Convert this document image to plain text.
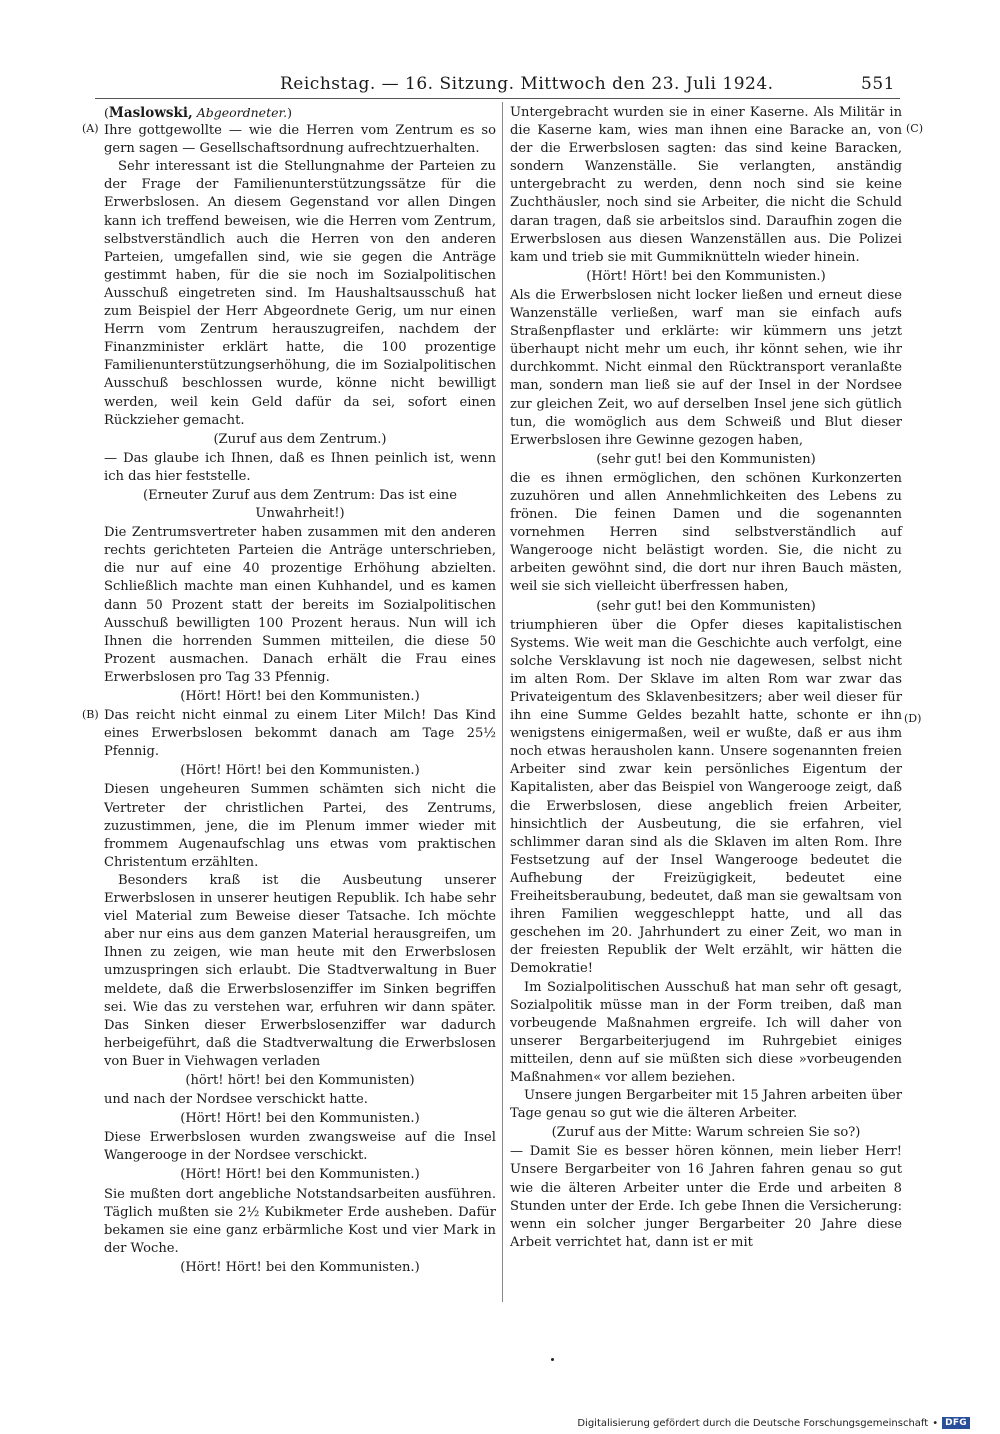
Reichstag. — 16. Sitzung. Mittwoch den 23. Juli 1924.	551
(A)
(B)
(C)
(D)

(Maslowski, Abgeordneter.)

Ihre gottgewollte — wie die Herren vom Zentrum es so gern sagen — Gesellschaftsordnung aufrechtzuerhalten.

Sehr interessant ist die Stellungnahme der Parteien zu der Frage der Familienunterstützungssätze für die Erwerbslosen. An diesem Gegenstand vor allen Dingen kann ich treffend beweisen, wie die Herren vom Zentrum, selbstverständlich auch die Herren von den anderen Parteien, umgefallen sind, wie sie gegen die Anträge gestimmt haben, für die sie noch im Sozialpolitischen Ausschuß eingetreten sind. Im Haushaltsausschuß hat zum Beispiel der Herr Abgeordnete Gerig, um nur einen Herrn vom Zentrum herauszugreifen, nachdem der Finanzminister erklärt hatte, die 100 prozentige Familienunterstützungserhöhung, die im Sozialpolitischen Ausschuß beschlossen wurde, könne nicht bewilligt werden, weil kein Geld dafür da sei, sofort einen Rückzieher gemacht.

(Zuruf aus dem Zentrum.)

— Das glaube ich Ihnen, daß es Ihnen peinlich ist, wenn ich das hier feststelle.

(Erneuter Zuruf aus dem Zentrum: Das ist eine Unwahrheit!)

Die Zentrumsvertreter haben zusammen mit den anderen rechts gerichteten Parteien die Anträge unterschrieben, die nur auf eine 40 prozentige Erhöhung abzielten. Schließlich machte man einen Kuhhandel, und es kamen dann 50 Prozent statt der bereits im Sozialpolitischen Ausschuß bewilligten 100 Prozent heraus. Nun will ich Ihnen die horrenden Summen mitteilen, die diese 50 Prozent ausmachen. Danach erhält die Frau eines Erwerbslosen pro Tag 33 Pfennig.

(Hört! Hört! bei den Kommunisten.)

Das reicht nicht einmal zu einem Liter Milch! Das Kind eines Erwerbslosen bekommt danach am Tage 25½ Pfennig.

(Hört! Hört! bei den Kommunisten.)

Diesen ungeheuren Summen schämten sich nicht die Vertreter der christlichen Partei, des Zentrums, zuzustimmen, jene, die im Plenum immer wieder mit frommem Augenaufschlag uns etwas vom praktischen Christentum erzählten.

Besonders kraß ist die Ausbeutung unserer Erwerbslosen in unserer heutigen Republik. Ich habe sehr viel Material zum Beweise dieser Tatsache. Ich möchte aber nur eins aus dem ganzen Material herausgreifen, um Ihnen zu zeigen, wie man heute mit den Erwerbslosen umzuspringen sich erlaubt. Die Stadtverwaltung in Buer meldete, daß die Erwerbslosenziffer im Sinken begriffen sei. Wie das zu verstehen war, erfuhren wir dann später. Das Sinken dieser Erwerbslosenziffer war dadurch herbeigeführt, daß die Stadtverwaltung die Erwerbslosen von Buer in Viehwagen verladen

(hört! hört! bei den Kommunisten)

und nach der Nordsee verschickt hatte.

(Hört! Hört! bei den Kommunisten.)

Diese Erwerbslosen wurden zwangsweise auf die Insel Wangerooge in der Nordsee verschickt.

(Hört! Hört! bei den Kommunisten.)

Sie mußten dort angebliche Notstandsarbeiten ausführen. Täglich mußten sie 2½ Kubikmeter Erde ausheben. Dafür bekamen sie eine ganz erbärmliche Kost und vier Mark in der Woche.

(Hört! Hört! bei den Kommunisten.)

Untergebracht wurden sie in einer Kaserne. Als Militär in die Kaserne kam, wies man ihnen eine Baracke an, von der die Erwerbslosen sagten: das sind keine Baracken, sondern Wanzenställe. Sie verlangten, anständig untergebracht zu werden, denn noch sind sie keine Zuchthäusler, noch sind sie Arbeiter, die nicht die Schuld daran tragen, daß sie arbeitslos sind. Daraufhin zogen die Erwerbslosen aus diesen Wanzenställen aus. Die Polizei kam und trieb sie mit Gummiknütteln wieder hinein.

(Hört! Hört! bei den Kommunisten.)

Als die Erwerbslosen nicht locker ließen und erneut diese Wanzenställe verließen, warf man sie einfach aufs Straßenpflaster und erklärte: wir kümmern uns jetzt überhaupt nicht mehr um euch, ihr könnt sehen, wie ihr durchkommt. Nicht einmal den Rücktransport veranlaßte man, sondern man ließ sie auf der Insel in der Nordsee zur gleichen Zeit, wo auf derselben Insel jene sich gütlich tun, die womöglich aus dem Schweiß und Blut dieser Erwerbslosen ihre Gewinne gezogen haben,

(sehr gut! bei den Kommunisten)

die es ihnen ermöglichen, den schönen Kurkonzerten zuzuhören und allen Annehmlichkeiten des Lebens zu frönen. Die feinen Damen und die sogenannten vornehmen Herren sind selbstverständlich auf Wangerooge nicht belästigt worden. Sie, die nicht zu arbeiten gewöhnt sind, die dort nur ihren Bauch mästen, weil sie sich vielleicht überfressen haben,

(sehr gut! bei den Kommunisten)

triumphieren über die Opfer dieses kapitalistischen Systems. Wie weit man die Geschichte auch verfolgt, eine solche Versklavung ist noch nie dagewesen, selbst nicht im alten Rom. Der Sklave im alten Rom war zwar das Privateigentum des Sklavenbesitzers; aber weil dieser für ihn eine Summe Geldes bezahlt hatte, schonte er ihn wenigstens einigermaßen, weil er wußte, daß er aus ihm noch etwas herausholen kann. Unsere sogenannten freien Arbeiter sind zwar kein persönliches Eigentum der Kapitalisten, aber das Beispiel von Wangerooge zeigt, daß die Erwerbslosen, diese angeblich freien Arbeiter, hinsichtlich der Ausbeutung, die sie erfahren, viel schlimmer daran sind als die Sklaven im alten Rom. Ihre Festsetzung auf der Insel Wangerooge bedeutet die Aufhebung der Freizügigkeit, bedeutet eine Freiheitsberaubung, bedeutet, daß man sie gewaltsam von ihren Familien weggeschleppt hatte, und all das geschehen im 20. Jahrhundert zu einer Zeit, wo man in der freiesten Republik der Welt erzählt, wir hätten die Demokratie!

Im Sozialpolitischen Ausschuß hat man sehr oft gesagt, Sozialpolitik müsse man in der Form treiben, daß man vorbeugende Maßnahmen ergreife. Ich will daher von unserer Bergarbeiterjugend im Ruhrgebiet einiges mitteilen, denn auf sie müßten sich diese »vorbeugenden Maßnahmen« vor allem beziehen.

Unsere jungen Bergarbeiter mit 15 Jahren arbeiten über Tage genau so gut wie die älteren Arbeiter.

(Zuruf aus der Mitte: Warum schreien Sie so?)

— Damit Sie es besser hören können, mein lieber Herr! Unsere Bergarbeiter von 16 Jahren fahren genau so gut wie die älteren Arbeiter unter die Erde und arbeiten 8 Stunden unter der Erde. Ich gebe Ihnen die Versicherung: wenn ein solcher junger Bergarbeiter 20 Jahre diese Arbeit verrichtet hat, dann ist er mit

Digitalisierung gefördert durch die Deutsche Forschungsgemeinschaft • DFG
